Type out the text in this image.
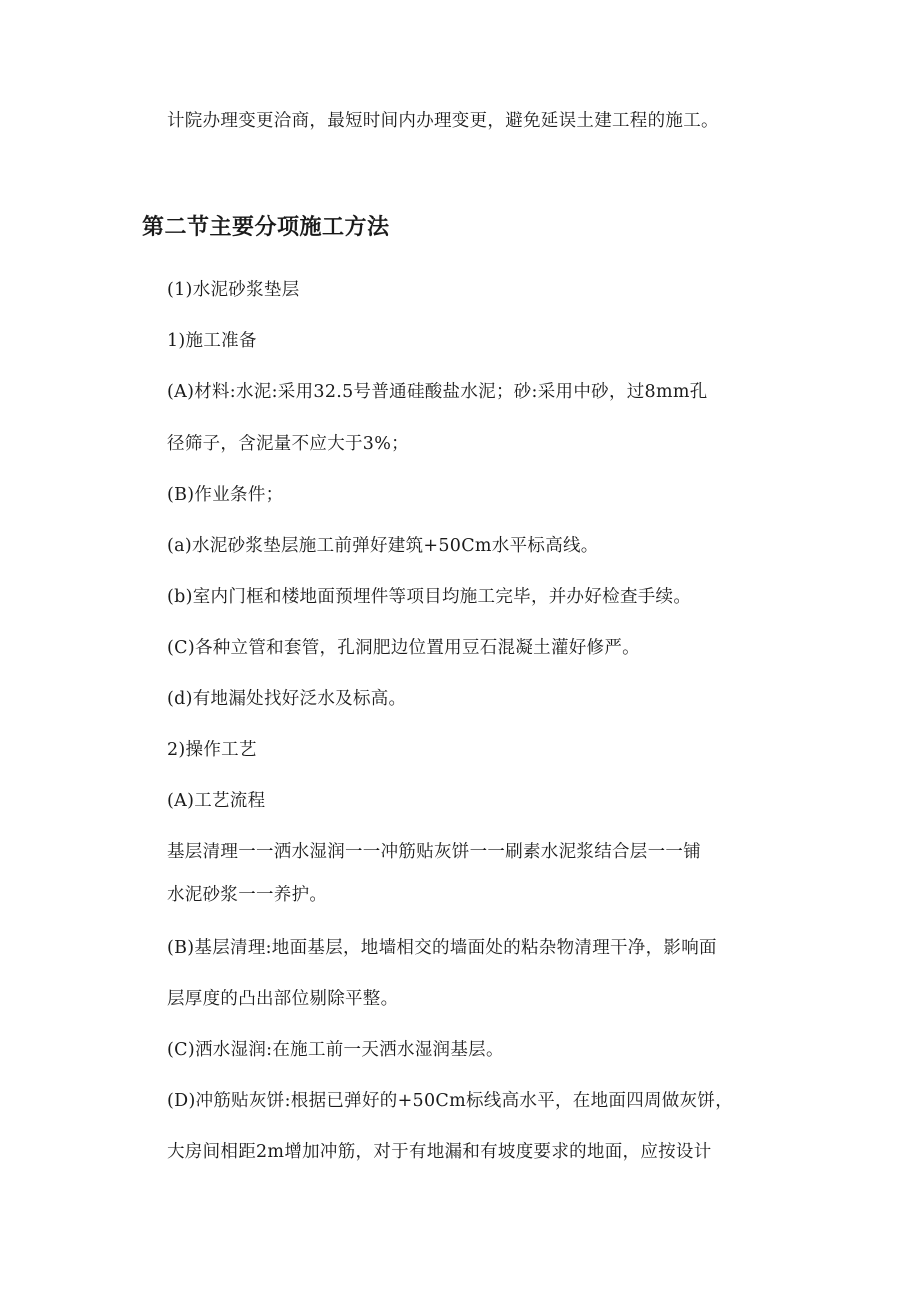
计院办理变更洽商，最短时间内办理变更，避免延误土建工程的施工。
第二节主要分项施工方法
(1)水泥砂浆垫层
1)施工准备
(A)材料:水泥:采用32.5号普通硅酸盐水泥；砂:采用中砂，过8mm孔
径筛子，含泥量不应大于3%；
(B)作业条件；
(a)水泥砂浆垫层施工前弹好建筑+50Cm水平标高线。
(b)室内门框和楼地面预埋件等项目均施工完毕，并办好检查手续。
(C)各种立管和套管，孔洞肥边位置用豆石混凝土灌好修严。
(d)有地漏处找好泛水及标高。
2)操作工艺
(A)工艺流程
基层清理一一洒水湿润一一冲筋贴灰饼一一刷素水泥浆结合层一一铺
水泥砂浆一一养护。
(B)基层清理:地面基层，地墙相交的墙面处的粘杂物清理干净，影响面
层厚度的凸出部位剔除平整。
(C)洒水湿润:在施工前一天洒水湿润基层。
(D)冲筋贴灰饼:根据已弹好的+50Cm标线高水平，在地面四周做灰饼，
大房间相距2m增加冲筋，对于有地漏和有坡度要求的地面，应按设计
